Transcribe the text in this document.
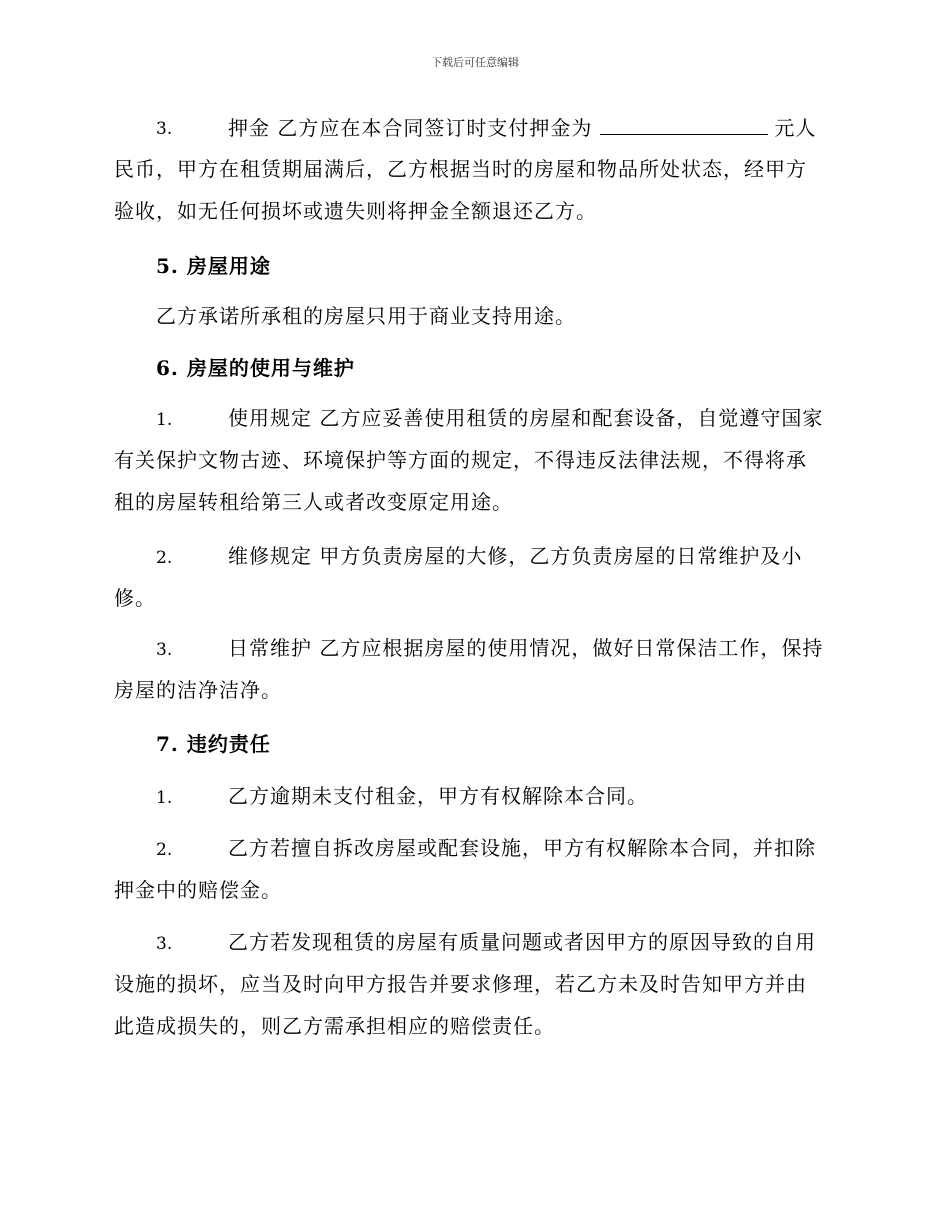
下载后可任意编辑
3.	押金 乙方应在本合同签订时支付押金为	元人
民币，甲方在租赁期届满后，乙方根据当时的房屋和物品所处状态，经甲方
验收，如无任何损坏或遗失则将押金全额退还乙方。
5. 房屋用途
乙方承诺所承租的房屋只用于商业支持用途。
6. 房屋的使用与维护
1.	使用规定 乙方应妥善使用租赁的房屋和配套设备，自觉遵守国家
有关保护文物古迹、环境保护等方面的规定，不得违反法律法规，不得将承
租的房屋转租给第三人或者改变原定用途。
2.	维修规定 甲方负责房屋的大修，乙方负责房屋的日常维护及小
修。
3.	日常维护 乙方应根据房屋的使用情况，做好日常保洁工作，保持
房屋的洁净洁净。
7. 违约责任
1.	乙方逾期未支付租金，甲方有权解除本合同。
2.	乙方若擅自拆改房屋或配套设施，甲方有权解除本合同，并扣除
押金中的赔偿金。
3.	乙方若发现租赁的房屋有质量问题或者因甲方的原因导致的自用
设施的损坏，应当及时向甲方报告并要求修理，若乙方未及时告知甲方并由
此造成损失的，则乙方需承担相应的赔偿责任。
